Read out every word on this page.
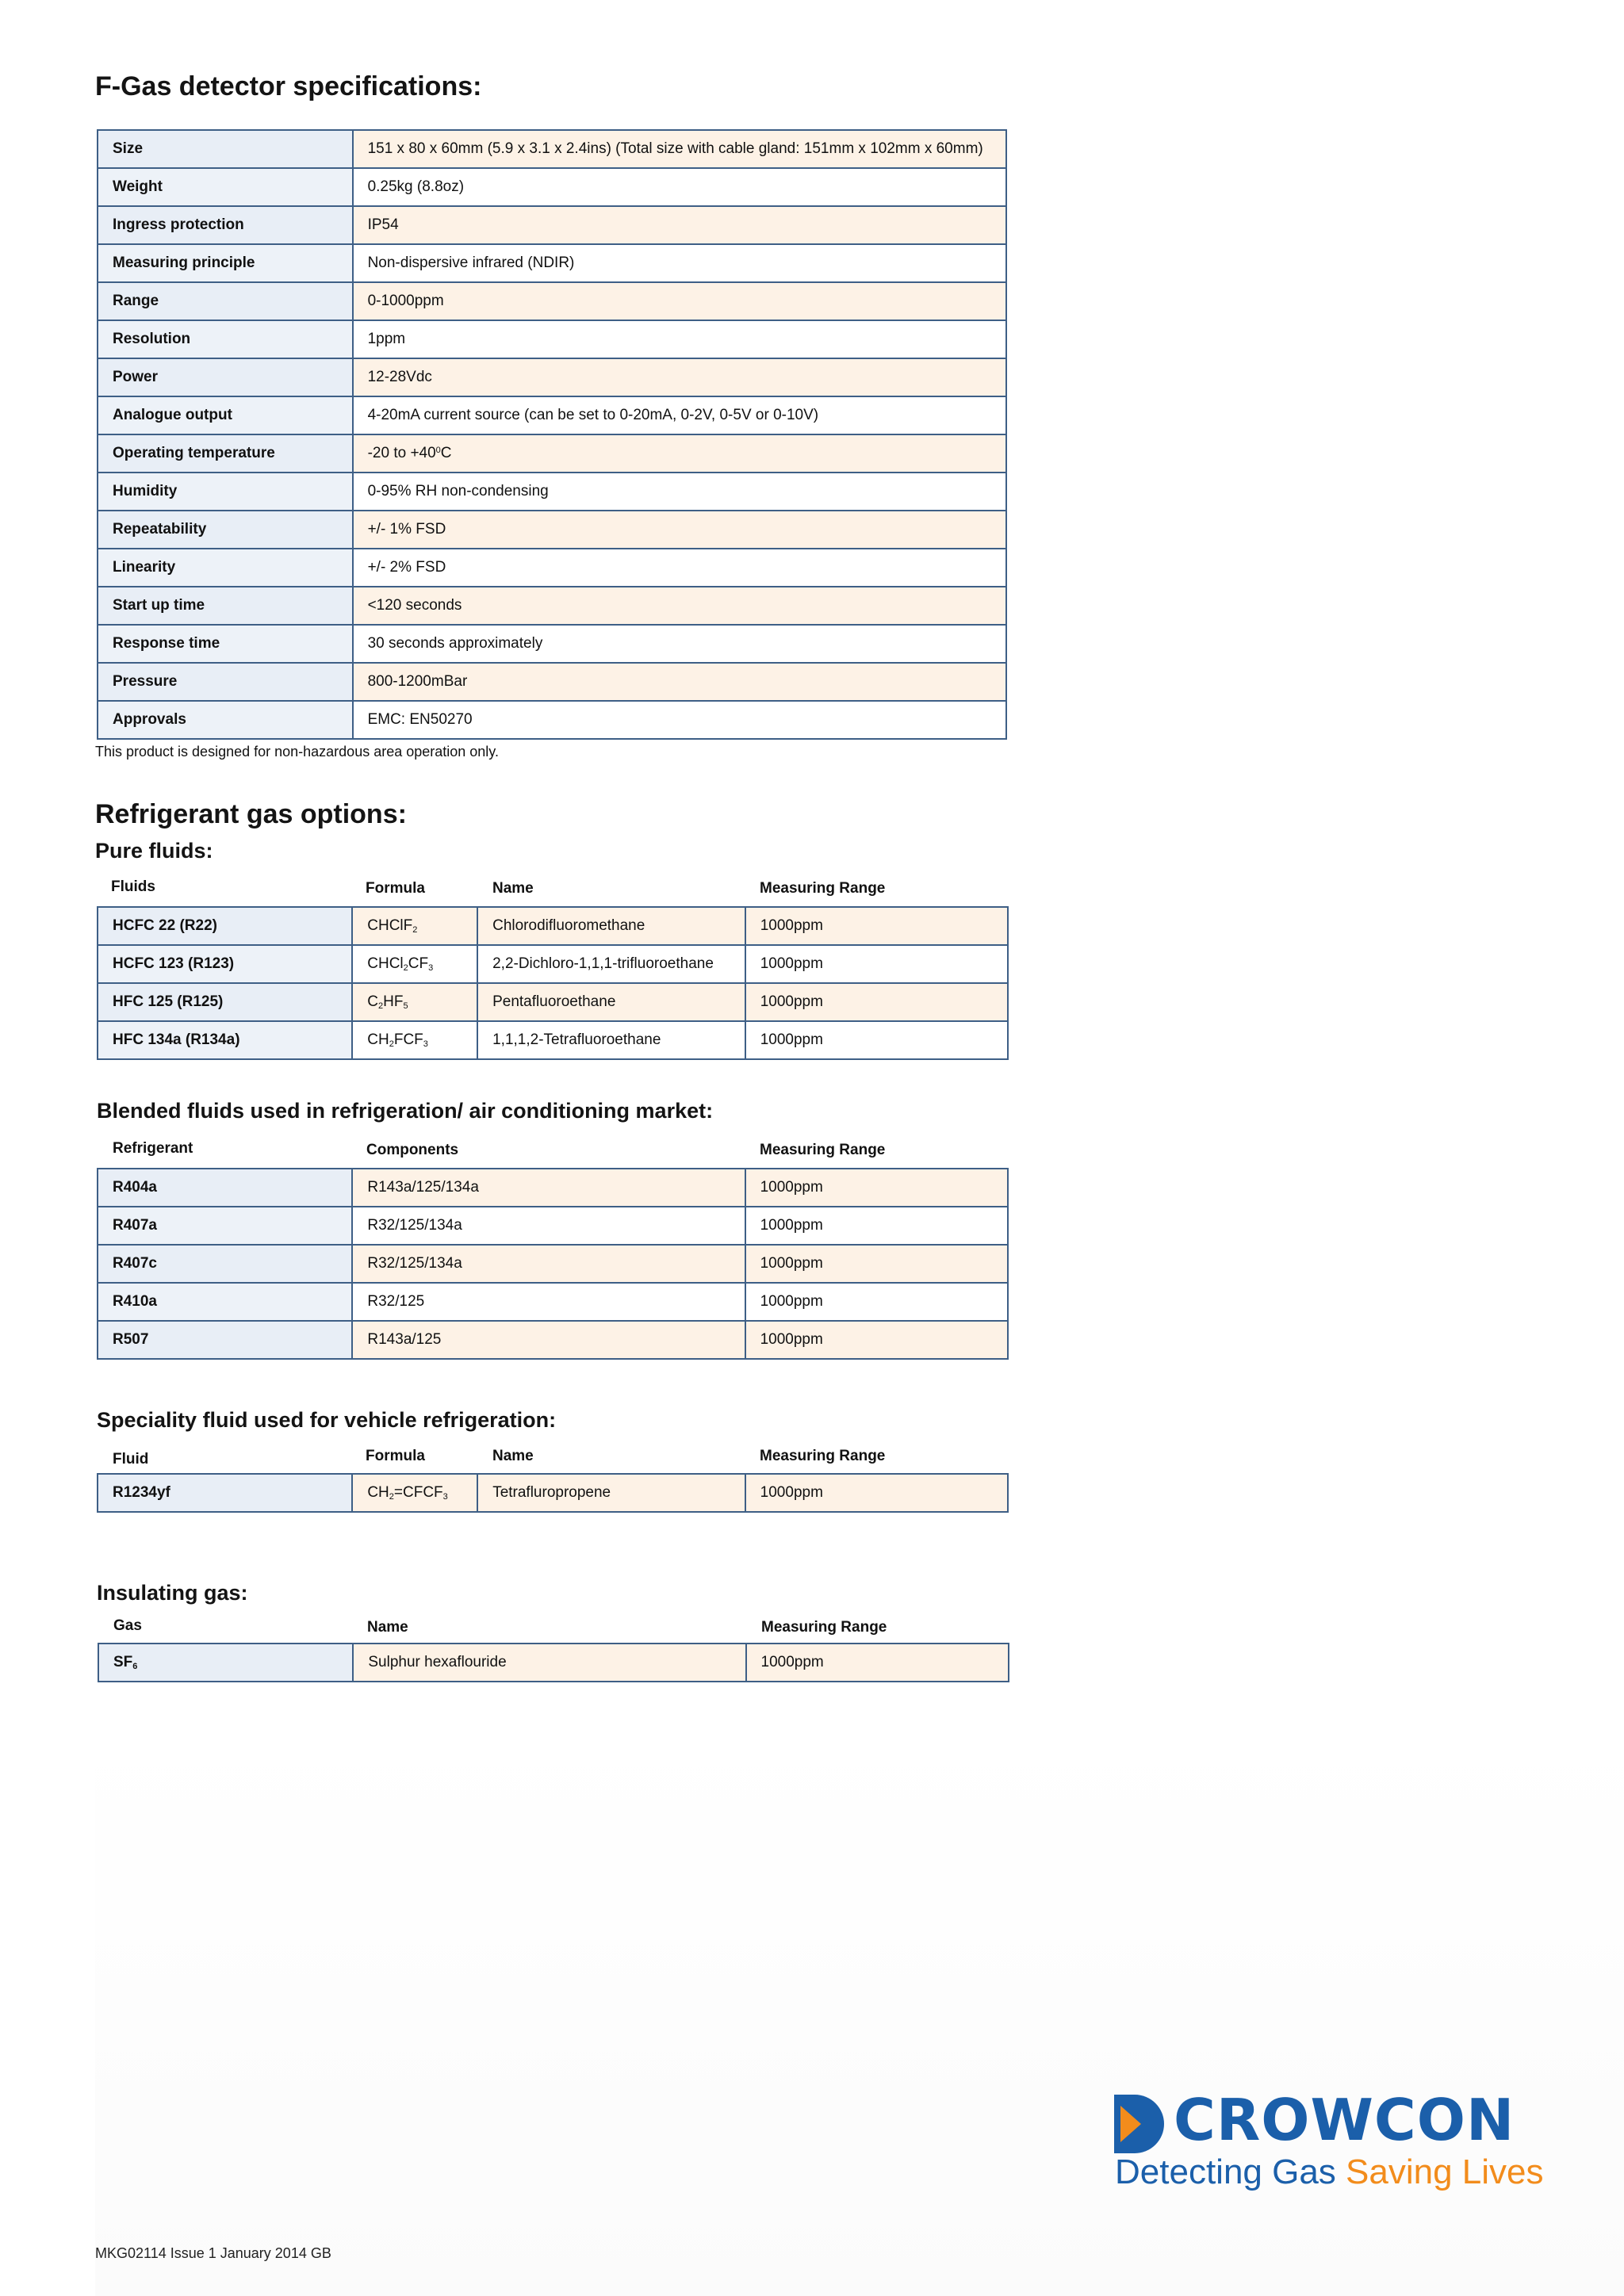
F-Gas detector specifications:
Size	151 x 80 x 60mm (5.9 x 3.1 x 2.4ins) (Total size with cable gland: 151mm x 102mm x 60mm)
Weight	0.25kg (8.8oz)
Ingress protection	IP54
Measuring principle	Non-dispersive infrared (NDIR)
Range	0-1000ppm
Resolution	1ppm
Power	12-28Vdc
Analogue output	4-20mA current source (can be set to 0-20mA, 0-2V, 0-5V or 0-10V)
Operating temperature	-20 to $+40^0C$
Humidity	0-95% RH non-condensing
Repeatability	+/- 1% FSD
Linearity	+/- 2% FSD
Start up time	<120 seconds
Response time	30 seconds approximately
Pressure	800-1200mBar
Approvals	EMC: EN50270
This product is designed for non-hazardous area operation only.
Refrigerant gas options:
Pure fluids:
Fluids	Formula	Name	Measuring Range
HCFC 22 (R22)	CHClF$_2$	Chlorodifluoromethane	1000ppm
HCFC 123 (R123)	$CHCl_2CF_3$	2,2-Dichloro-1,1,1-trifluoroethane	1000ppm
HFC 125 (R125)	$C_2HF_5$	Pentafluoroethane	1000ppm
HFC 134a (R134a)	$CH_2FCF_3$	1,1,1,2-Tetrafluoroethane	1000ppm
Blended fluids used in refrigeration/ air conditioning market:
Refrigerant	Components	Measuring Range
R404a	R143a/125/134a	1000ppm
R407a	R32/125/134a	1000ppm
R407c	R32/125/134a	1000ppm
R410a	R32/125	1000ppm
R507	R143a/125	1000ppm
Speciality fluid used for vehicle refrigeration:
Fluid	Formula	Name	Measuring Range
R1234yf	$CH_2=CFCF_3$	Tetrafluropropene	1000ppm
Insulating gas:
Gas	Name	Measuring Range
$SF_6$	Sulphur hexaflouride	1000ppm
CROWCON
Detecting Gas Saving Lives
MKG02114 Issue 1 January 2014 GB
